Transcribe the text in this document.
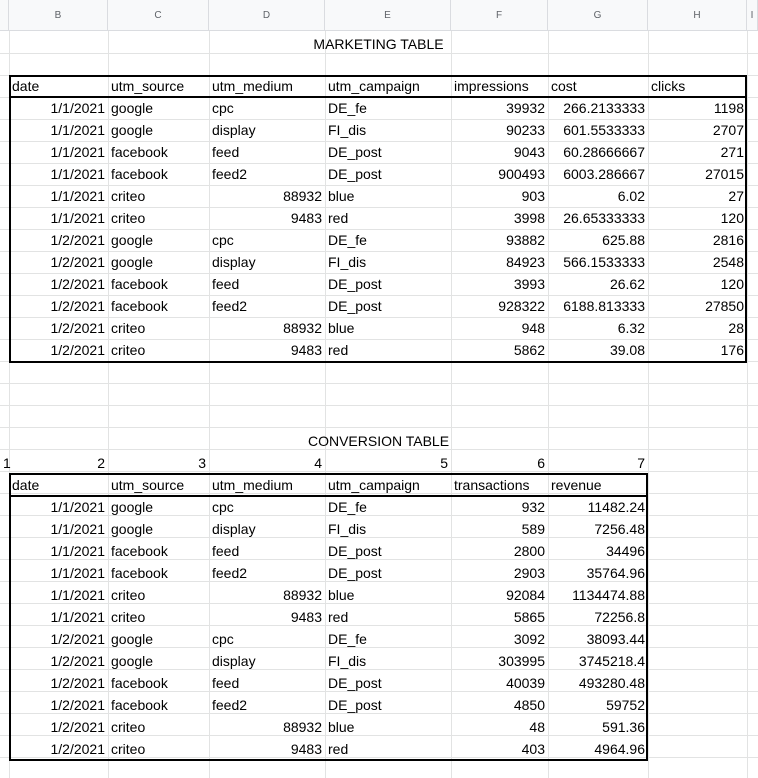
B	C	D	E	F	G	H	I
MARKETING TABLE
date	utm_source	utm_medium	utm_campaign	impressions	cost	clicks
1/1/2021 google	cpc	DE_fe	39932	266.2133333	1198
1/1/2021 google	display	FI_dis	90233	601.5533333	2707
1/1/2021 facebook	feed	DE_post	9043	60.28666667	271
1/1/2021 facebook	feed2	DE_post	900493	6003.286667	27015
1/1/2021 criteo	88932 blue	903	6.02	27
1/1/2021 criteo	9483 red	3998	26.65333333	120
1/2/2021 google	cpc	DE_fe	93882	625.88	2816
1/2/2021 google	display	FI_dis	84923	566.1533333	2548
1/2/2021 facebook	feed	DE_post	3993	26.62	120
1/2/2021 facebook	feed2	DE_post	928322	6188.813333	27850
1/2/2021 criteo	88932 blue	948	6.32	28
1/2/2021 criteo	9483 red	5862	39.08	176
CONVERSION TABLE
1	2	3	4	5	6	7
date	utm_source	utm_medium	utm_campaign	transactions	revenue
1/1/2021 google	cpc	DE_fe	932	11482.24
1/1/2021 google	display	FI_dis	589	7256.48
1/1/2021 facebook	feed	DE_post	2800	34496
1/1/2021 facebook	feed2	DE_post	2903	35764.96
1/1/2021 criteo	88932 blue	92084	1134474.88
1/1/2021 criteo	9483 red	5865	72256.8
1/2/2021 google	cpc	DE_fe	3092	38093.44
1/2/2021 google	display	FI_dis	303995	3745218.4
1/2/2021 facebook	feed	DE_post	40039	493280.48
1/2/2021 facebook	feed2	DE_post	4850	59752
1/2/2021 criteo	88932 blue	48	591.36
1/2/2021 criteo	9483 red	403	4964.96
